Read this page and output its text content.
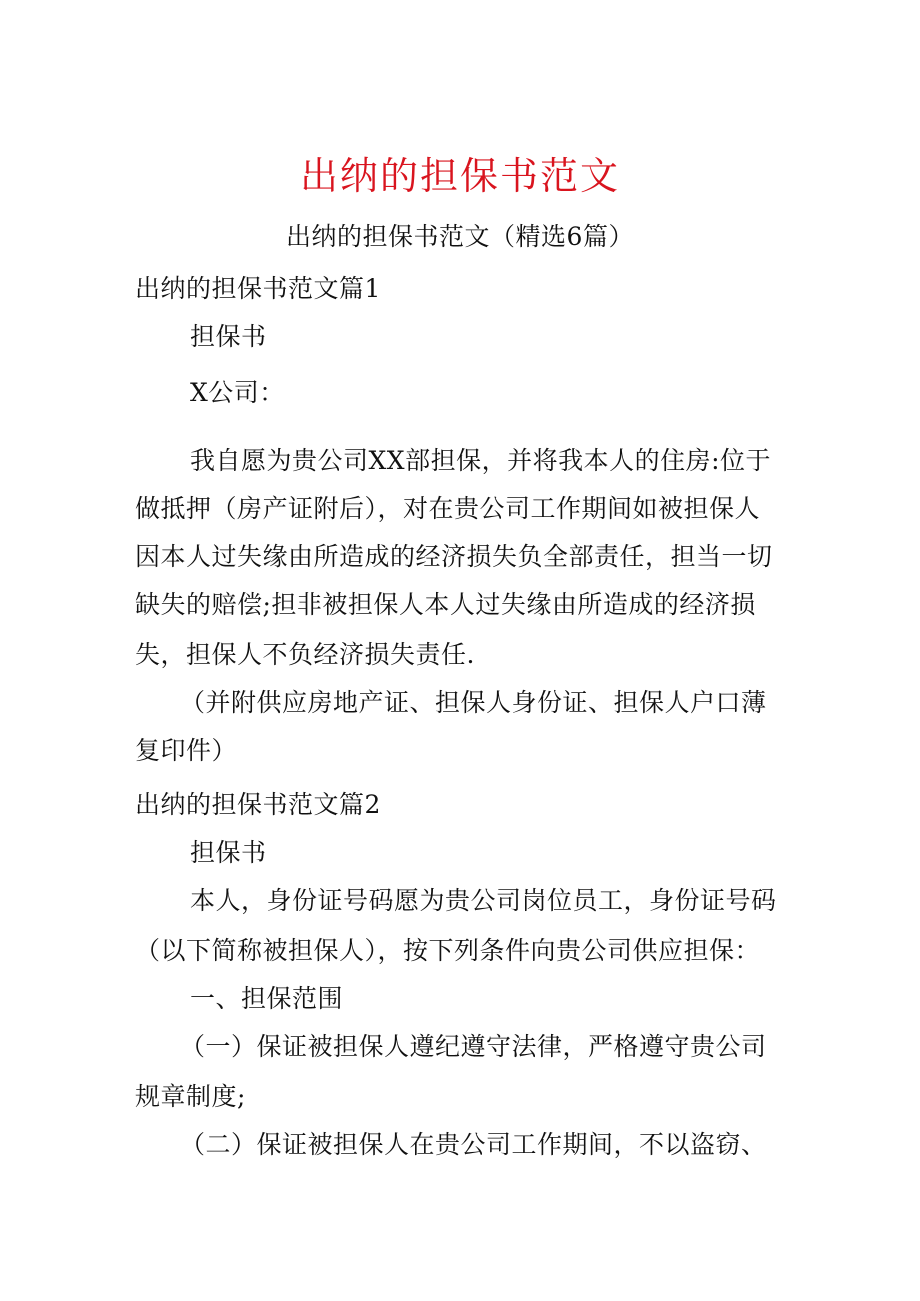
出纳的担保书范文
出纳的担保书范文（精选6篇）
出纳的担保书范文篇1
担保书
X公司：
我自愿为贵公司XX部担保，并将我本人的住房:位于
做抵押（房产证附后），对在贵公司工作期间如被担保人
因本人过失缘由所造成的经济损失负全部责任，担当一切
缺失的赔偿;担非被担保人本人过失缘由所造成的经济损
失，担保人不负经济损失责任.
（并附供应房地产证、担保人身份证、担保人户口薄
复印件）
出纳的担保书范文篇2
担保书
本人，身份证号码愿为贵公司岗位员工，身份证号码
（以下简称被担保人），按下列条件向贵公司供应担保：
一、担保范围
（一）保证被担保人遵纪遵守法律，严格遵守贵公司
规章制度;
（二）保证被担保人在贵公司工作期间，不以盗窃、
